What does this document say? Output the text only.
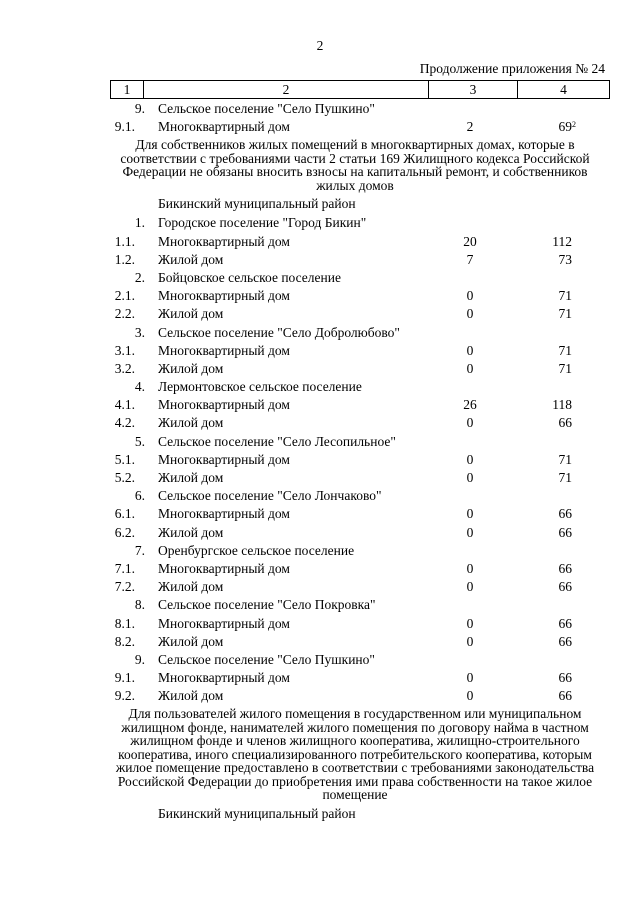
2
Продолжение приложения № 24
1	2	3	4
9. Сельское поселение "Село Пушкино"
9.1. Многоквартирный дом	2	69 2
Для собственников жилых помещений в многоквартирных домах, которые в соответствии с требованиями части 2 статьи 169 Жилищного кодекса Российской Федерации не обязаны вносить взносы на капитальный ремонт, и собственников жилых домов
Бикинский муниципальный район
1. Городское поселение "Город Бикин"
1.1. Многоквартирный дом	20	112
1.2. Жилой дом	7	73
2. Бойцовское сельское поселение
2.1. Многоквартирный дом	0	71
2.2. Жилой дом	0	71
3. Сельское поселение "Село Добролюбово"
3.1. Многоквартирный дом	0	71
3.2. Жилой дом	0	71
4. Лермонтовское сельское поселение
4.1. Многоквартирный дом	26	118
4.2. Жилой дом	0	66
5. Сельское поселение "Село Лесопильное"
5.1. Многоквартирный дом	0	71
5.2. Жилой дом	0	71
6. Сельское поселение "Село Лончаково"
6.1. Многоквартирный дом	0	66
6.2. Жилой дом	0	66
7. Оренбургское сельское поселение
7.1. Многоквартирный дом	0	66
7.2. Жилой дом	0	66
8. Сельское поселение "Село Покровка"
8.1. Многоквартирный дом	0	66
8.2. Жилой дом	0	66
9. Сельское поселение "Село Пушкино"
9.1. Многоквартирный дом	0	66
9.2. Жилой дом	0	66
Для пользователей жилого помещения в государственном или муниципальном жилищном фонде, нанимателей жилого помещения по договору найма в частном жилищном фонде и членов жилищного кооператива, жилищно-строительного кооператива, иного специализированного потребительского кооператива, которым жилое помещение предоставлено в соответствии с требованиями законодательства Российской Федерации до приобретения ими права собственности на такое жилое помещение
Бикинский муниципальный район
